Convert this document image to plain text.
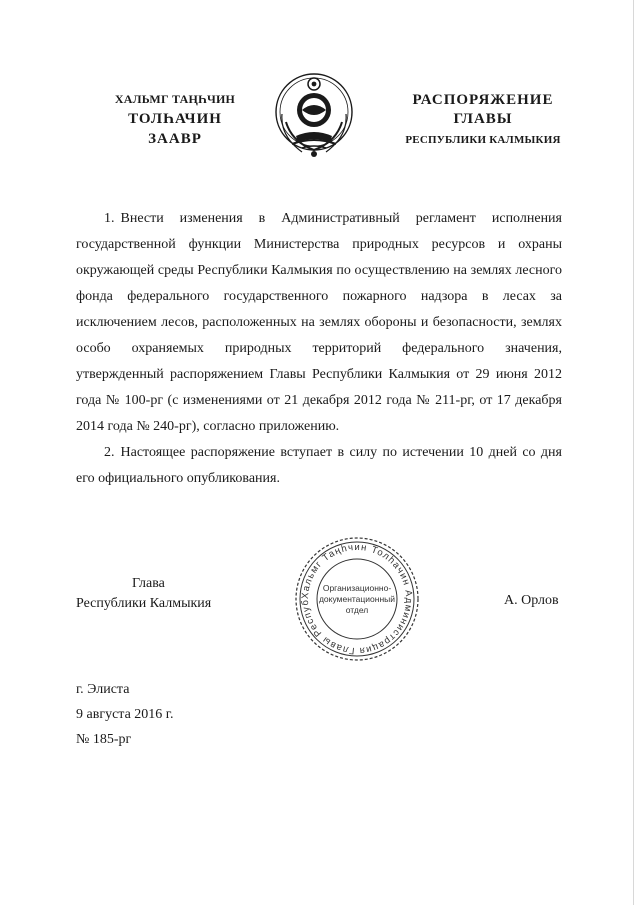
ХАЛЬМГ ТАҢҺЧИН
ТОЛҺАЧИН
ЗААВР
РАСПОРЯЖЕНИЕ
ГЛАВЫ
РЕСПУБЛИКИ КАЛМЫКИЯ

1. Внести изменения в Административный регламент исполнения государственной функции Министерства природных ресурсов и охраны окружающей среды Республики Калмыкия по осуществлению на землях лесного фонда федерального государственного пожарного надзора в лесах за исключением лесов, расположенных на землях обороны и безопасности, землях особо охраняемых природных территорий федерального значения, утвержденный распоряжением Главы Республики Калмыкия от 29 июня 2012 года № 100-рг (с изменениями от 21 декабря 2012 года № 211-рг, от 17 декабря 2014 года № 240-рг), согласно приложению.

2. Настоящее распоряжение вступает в силу по истечении 10 дней со дня его официального опубликования.

Хальмг Таңһчин Толһачин Администрация Главы Респуб
Организационно-
документационный
отдел
Глава
Республики Калмыкия	А. Орлов
г. Элиста
9 августа 2016 г.
№ 185-рг
